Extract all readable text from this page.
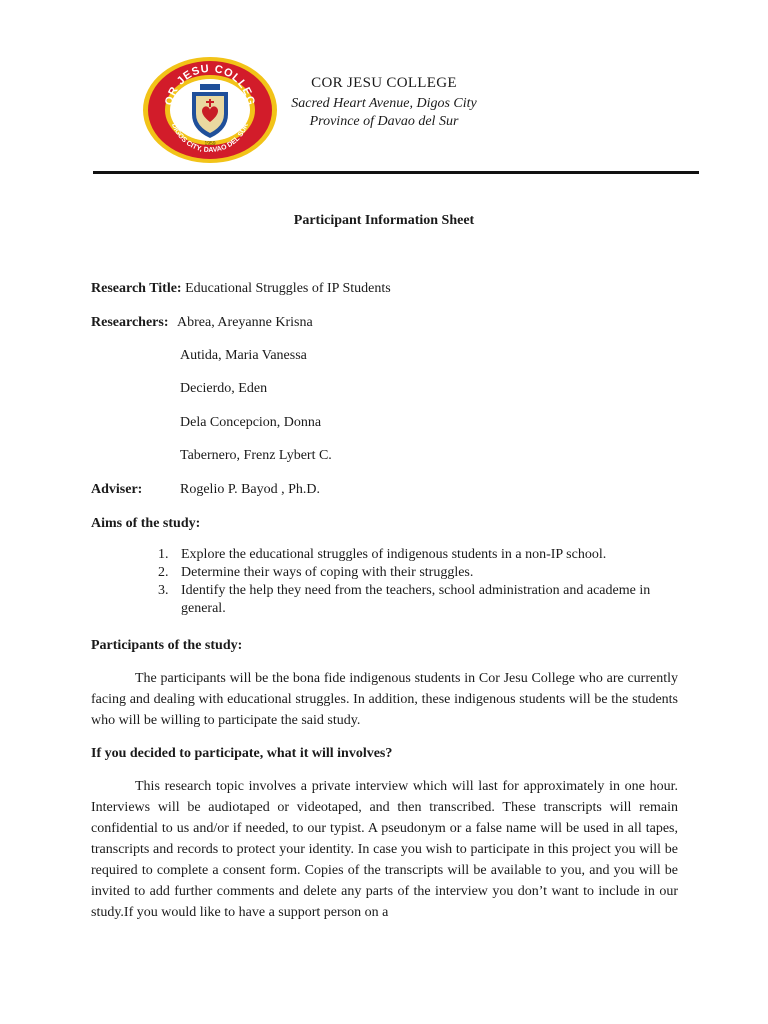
OR JESU COLLEG
DIGOS CITY, DAVAO DEL SUR
1959
COR JESU COLLEGE
Sacred Heart Avenue, Digos City
Province of Davao del Sur
Participant Information Sheet
Research Title: Educational Struggles of IP Students
Researchers: Abrea, Areyanne Krisna
Autida, Maria Vanessa
Decierdo, Eden
Dela Concepcion, Donna
Tabernero, Frenz Lybert C.
Adviser:	Rogelio P. Bayod , Ph.D.
Aims of the study:
1. Explore the educational struggles of indigenous students in a non-IP school.
2. Determine their ways of coping with their struggles.
3. Identify the help they need from the teachers, school administration and academe in general.
Participants of the study:

The participants will be the bona fide indigenous students in Cor Jesu College who are currently facing and dealing with educational struggles. In addition, these indigenous students will be the students who will be willing to participate the said study.

If you decided to participate, what it will involves?

This research topic involves a private interview which will last for approximately in one hour. Interviews will be audiotaped or videotaped, and then transcribed. These transcripts will remain confidential to us and/or if needed, to our typist. A pseudonym or a false name will be used in all tapes, transcripts and records to protect your identity. In case you wish to participate in this project you will be required to complete a consent form. Copies of the transcripts will be available to you, and you will be invited to add further comments and delete any parts of the interview you don’t want to include in our study.If you would like to have a support person on a
